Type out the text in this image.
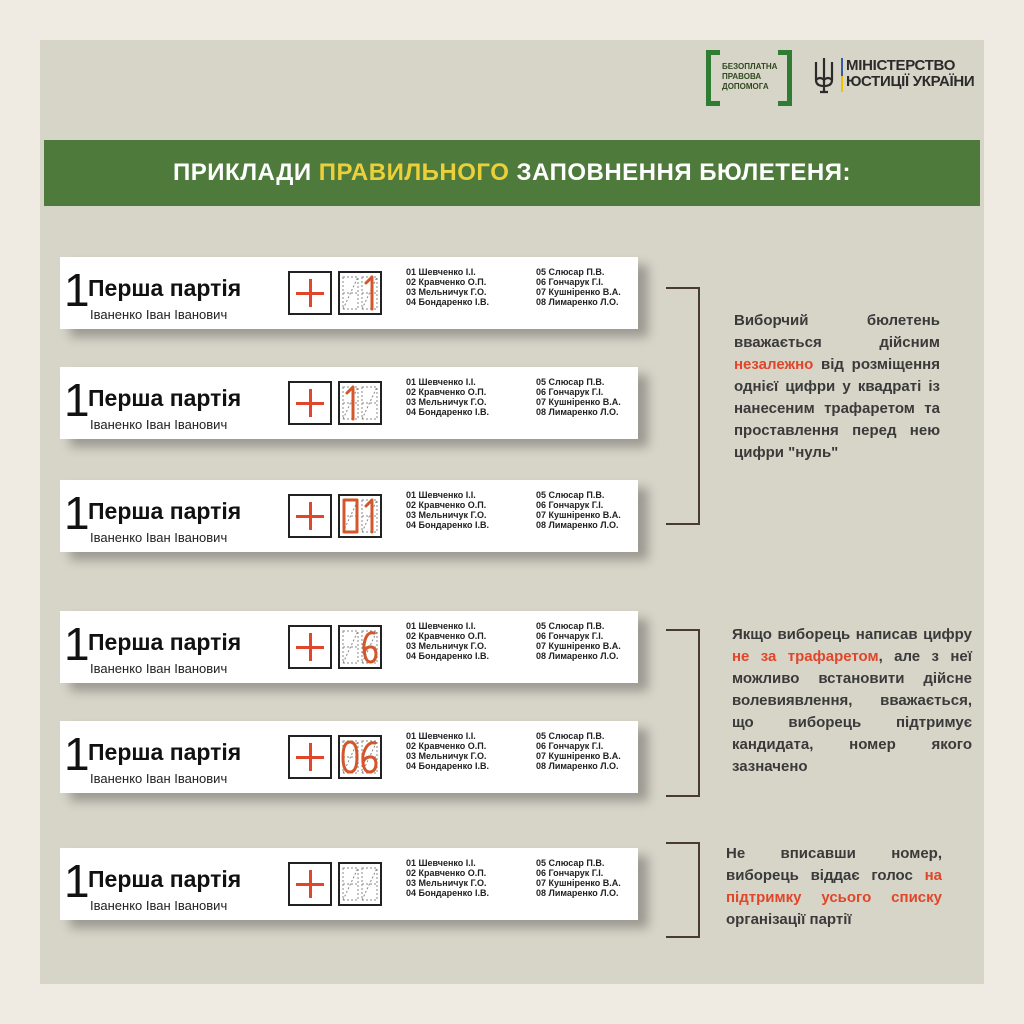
БЕЗОПЛАТНА
ПРАВОВА
ДОПОМОГА
МІНІСТЕРСТВО
ЮСТИЦІЇ УКРАЇНИ
ПРИКЛАДИ ПРАВИЛЬНОГО ЗАПОВНЕННЯ БЮЛЕТЕНЯ:
1
Перша партія
Іваненко Іван Іванович
01 Шевченко І.І.
02 Кравченко О.П.
03 Мельничук Г.О.
04 Бондаренко І.В.
05 Слюсар П.В.
06 Гончарук Г.І.
07 Кушніренко В.А.
08 Лимаренко Л.О.
1
Перша партія
Іваненко Іван Іванович
01 Шевченко І.І.
02 Кравченко О.П.
03 Мельничук Г.О.
04 Бондаренко І.В.
05 Слюсар П.В.
06 Гончарук Г.І.
07 Кушніренко В.А.
08 Лимаренко Л.О.
1
Перша партія
Іваненко Іван Іванович
01 Шевченко І.І.
02 Кравченко О.П.
03 Мельничук Г.О.
04 Бондаренко І.В.
05 Слюсар П.В.
06 Гончарук Г.І.
07 Кушніренко В.А.
08 Лимаренко Л.О.
1
Перша партія
Іваненко Іван Іванович
01 Шевченко І.І.
02 Кравченко О.П.
03 Мельничук Г.О.
04 Бондаренко І.В.
05 Слюсар П.В.
06 Гончарук Г.І.
07 Кушніренко В.А.
08 Лимаренко Л.О.
1
Перша партія
Іваненко Іван Іванович
01 Шевченко І.І.
02 Кравченко О.П.
03 Мельничук Г.О.
04 Бондаренко І.В.
05 Слюсар П.В.
06 Гончарук Г.І.
07 Кушніренко В.А.
08 Лимаренко Л.О.
1
Перша партія
Іваненко Іван Іванович
01 Шевченко І.І.
02 Кравченко О.П.
03 Мельничук Г.О.
04 Бондаренко І.В.
05 Слюсар П.В.
06 Гончарук Г.І.
07 Кушніренко В.А.
08 Лимаренко Л.О.
Виборчий бюлетень вважається дійсним незалежно від розміщення однієї цифри у квадраті із нанесеним трафаретом та проставлення перед нею цифри "нуль"
Якщо виборець написав цифру не за трафаретом, але з неї можливо встановити дійсне волевиявлення, вважається, що виборець підтримує кандидата, номер якого зазначено
Не вписавши номер, виборець віддає голос на підтримку усього списку організації партії
